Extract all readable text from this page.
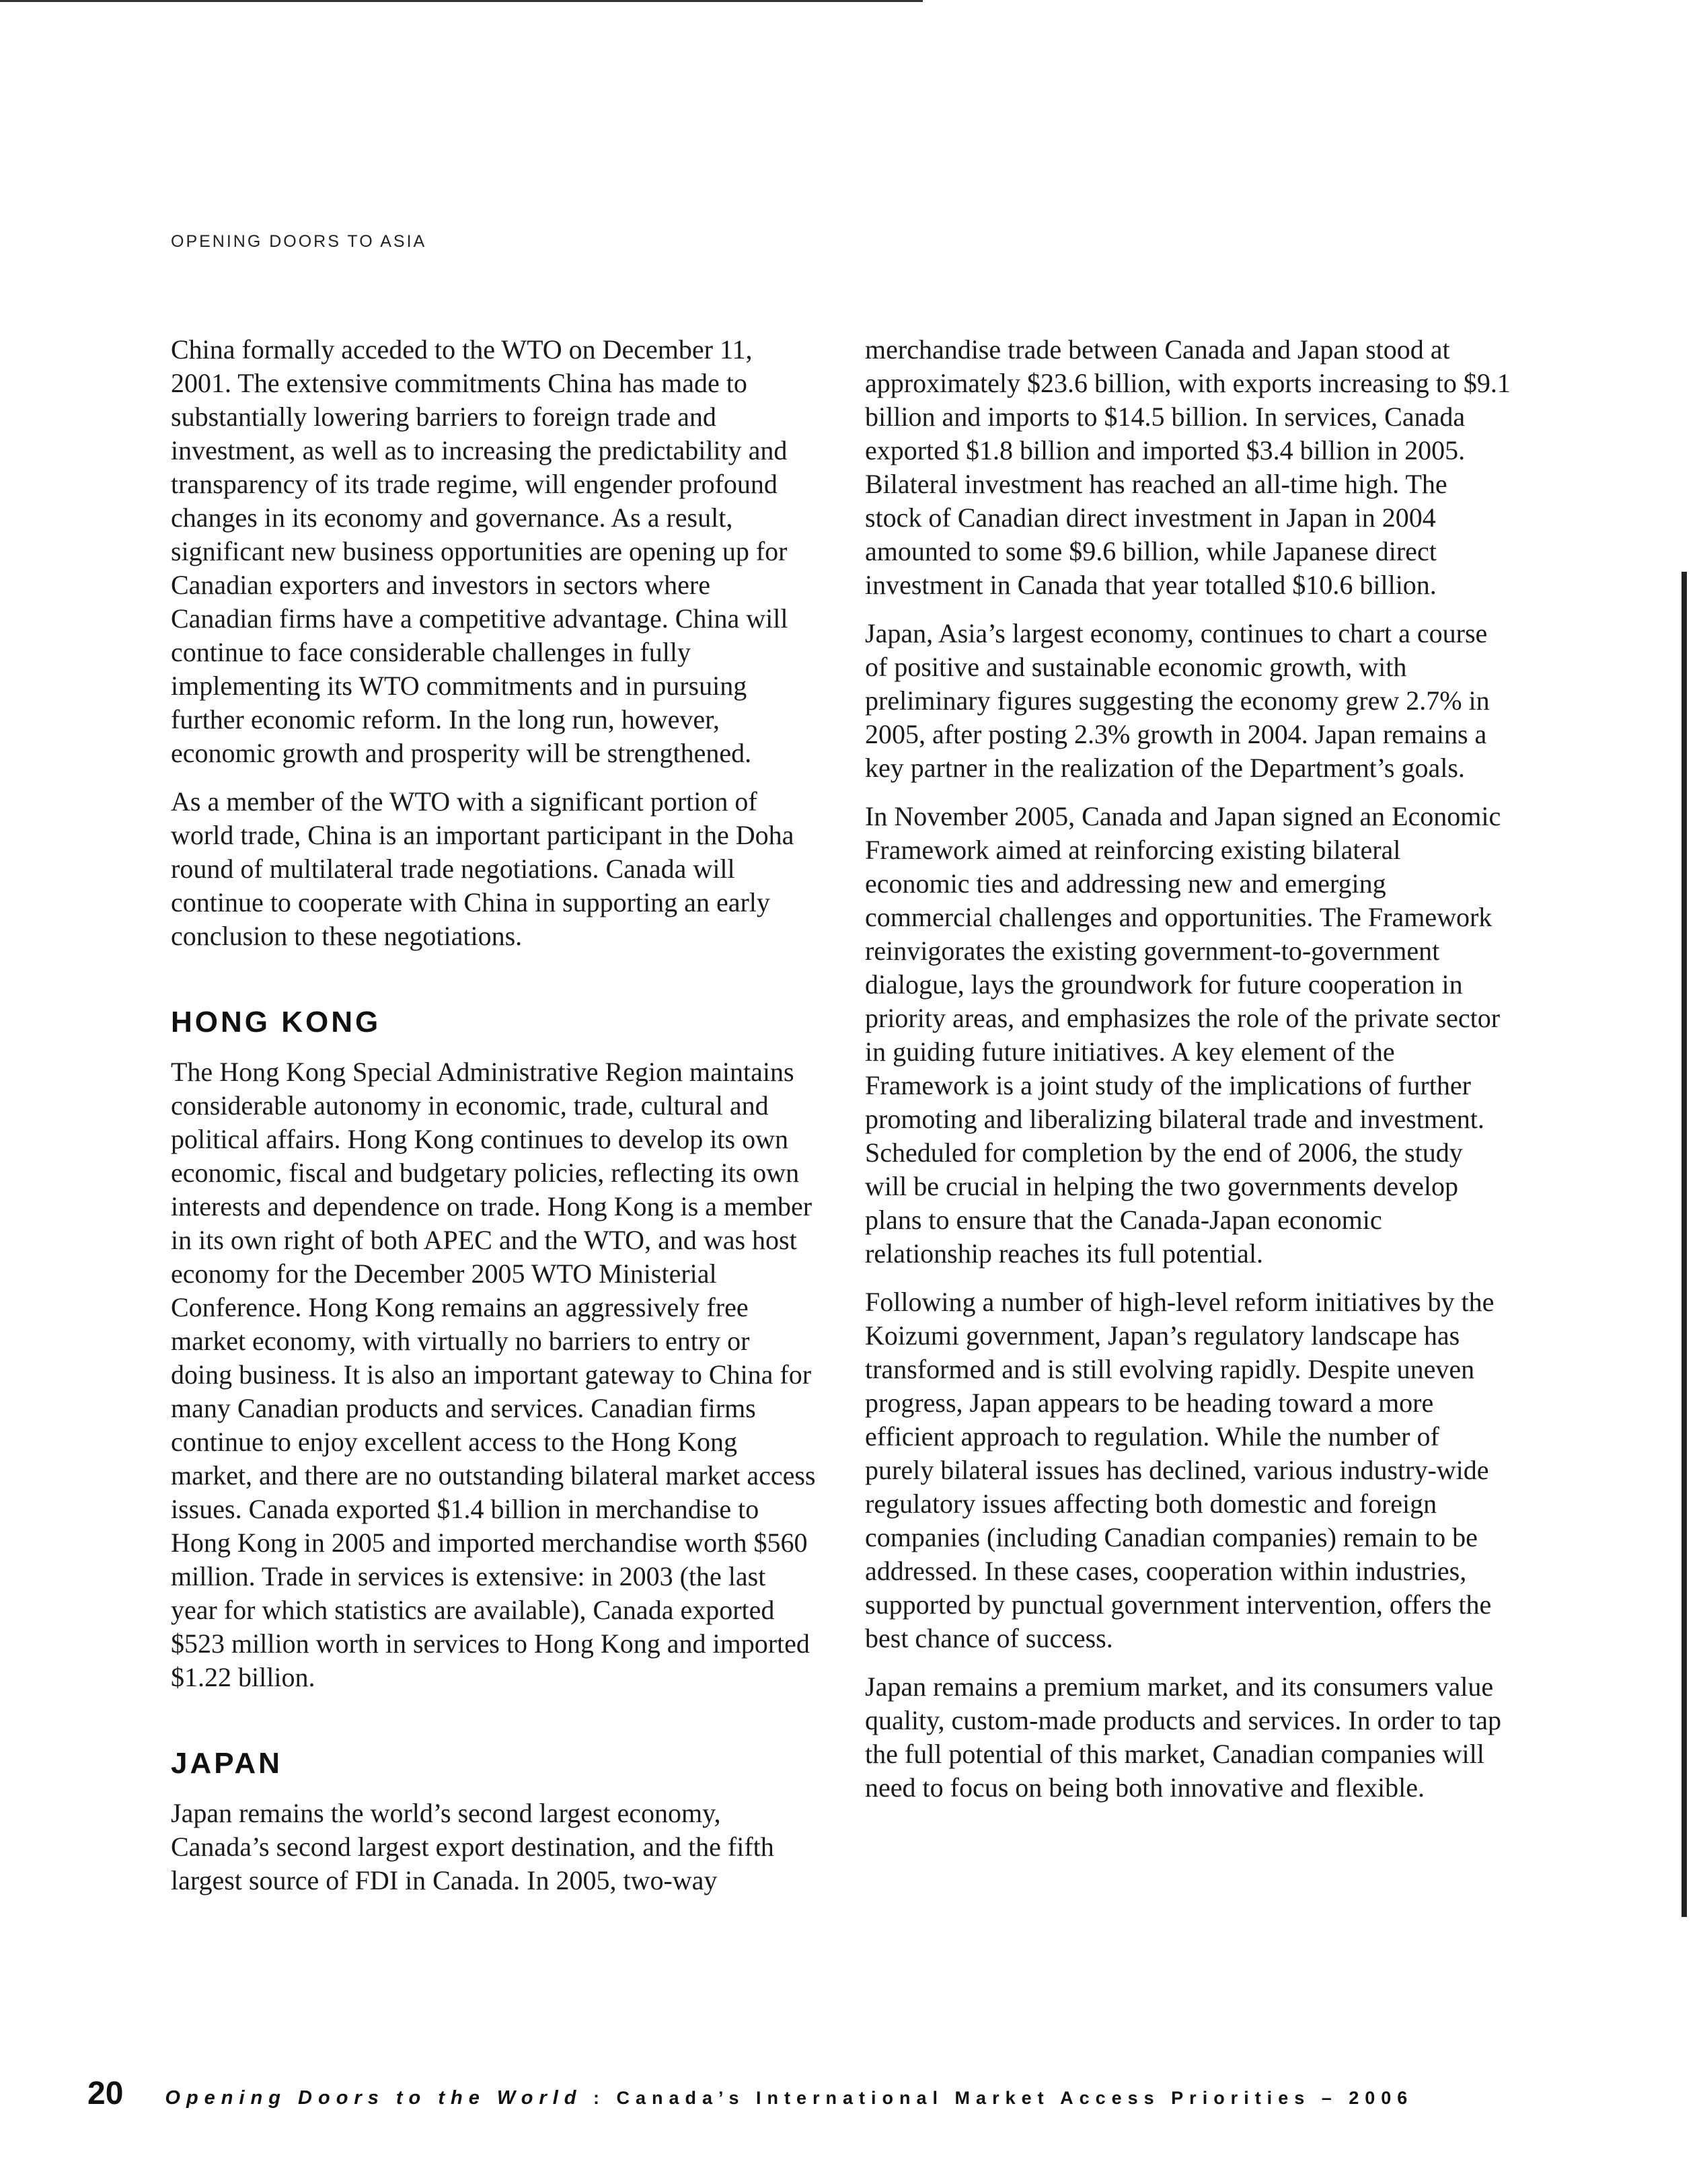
OPENING DOORS TO ASIA

China formally acceded to the WTO on December 11, 2001. The extensive commitments China has made to substantially lowering barriers to foreign trade and investment, as well as to increasing the predictability and transparency of its trade regime, will engender profound changes in its economy and governance. As a result, significant new business opportunities are opening up for Canadian exporters and investors in sectors where Canadian firms have a competitive advantage. China will continue to face considerable challenges in fully implementing its WTO commitments and in pursuing further economic reform. In the long run, however, economic growth and prosperity will be strengthened.

As a member of the WTO with a significant portion of world trade, China is an important participant in the Doha round of multilateral trade negotiations. Canada will continue to cooperate with China in supporting an early conclusion to these negotiations.

HONG KONG

The Hong Kong Special Administrative Region maintains considerable autonomy in economic, trade, cultural and political affairs. Hong Kong continues to develop its own economic, fiscal and budgetary policies, reflecting its own interests and dependence on trade. Hong Kong is a member in its own right of both APEC and the WTO, and was host economy for the December 2005 WTO Ministerial Conference. Hong Kong remains an aggressively free market economy, with virtually no barriers to entry or doing business. It is also an important gateway to China for many Canadian products and services. Canadian firms continue to enjoy excellent access to the Hong Kong market, and there are no outstanding bilateral market access issues. Canada exported $1.4 billion in merchandise to Hong Kong in 2005 and imported merchandise worth $560 million. Trade in services is extensive: in 2003 (the last year for which statistics are available), Canada exported $523 million worth in services to Hong Kong and imported $1.22 billion.

JAPAN

Japan remains the world’s second largest economy, Canada’s second largest export destination, and the fifth largest source of FDI in Canada. In 2005, two-way

merchandise trade between Canada and Japan stood at approximately $23.6 billion, with exports increasing to $9.1 billion and imports to $14.5 billion. In services, Canada exported $1.8 billion and imported $3.4 billion in 2005. Bilateral investment has reached an all-time high. The stock of Canadian direct investment in Japan in 2004 amounted to some $9.6 billion, while Japanese direct investment in Canada that year totalled $10.6 billion.

Japan, Asia’s largest economy, continues to chart a course of positive and sustainable economic growth, with preliminary figures suggesting the economy grew 2.7% in 2005, after posting 2.3% growth in 2004. Japan remains a key partner in the realization of the Department’s goals.

In November 2005, Canada and Japan signed an Economic Framework aimed at reinforcing existing bilateral economic ties and addressing new and emerging commercial challenges and opportunities. The Framework reinvigorates the existing government-to-government dialogue, lays the groundwork for future cooperation in priority areas, and emphasizes the role of the private sector in guiding future initiatives. A key element of the Framework is a joint study of the implications of further promoting and liberalizing bilateral trade and investment. Scheduled for completion by the end of 2006, the study will be crucial in helping the two governments develop plans to ensure that the Canada-Japan economic relationship reaches its full potential.

Following a number of high-level reform initiatives by the Koizumi government, Japan’s regulatory landscape has transformed and is still evolving rapidly. Despite uneven progress, Japan appears to be heading toward a more efficient approach to regulation. While the number of purely bilateral issues has declined, various industry-wide regulatory issues affecting both domestic and foreign companies (including Canadian companies) remain to be addressed. In these cases, cooperation within industries, supported by punctual government intervention, offers the best chance of success.

Japan remains a premium market, and its consumers value quality, custom-made products and services. In order to tap the full potential of this market, Canadian companies will need to focus on being both innovative and flexible.

20 Opening Doors to the World : Canada’s International Market Access Priorities – 2006
